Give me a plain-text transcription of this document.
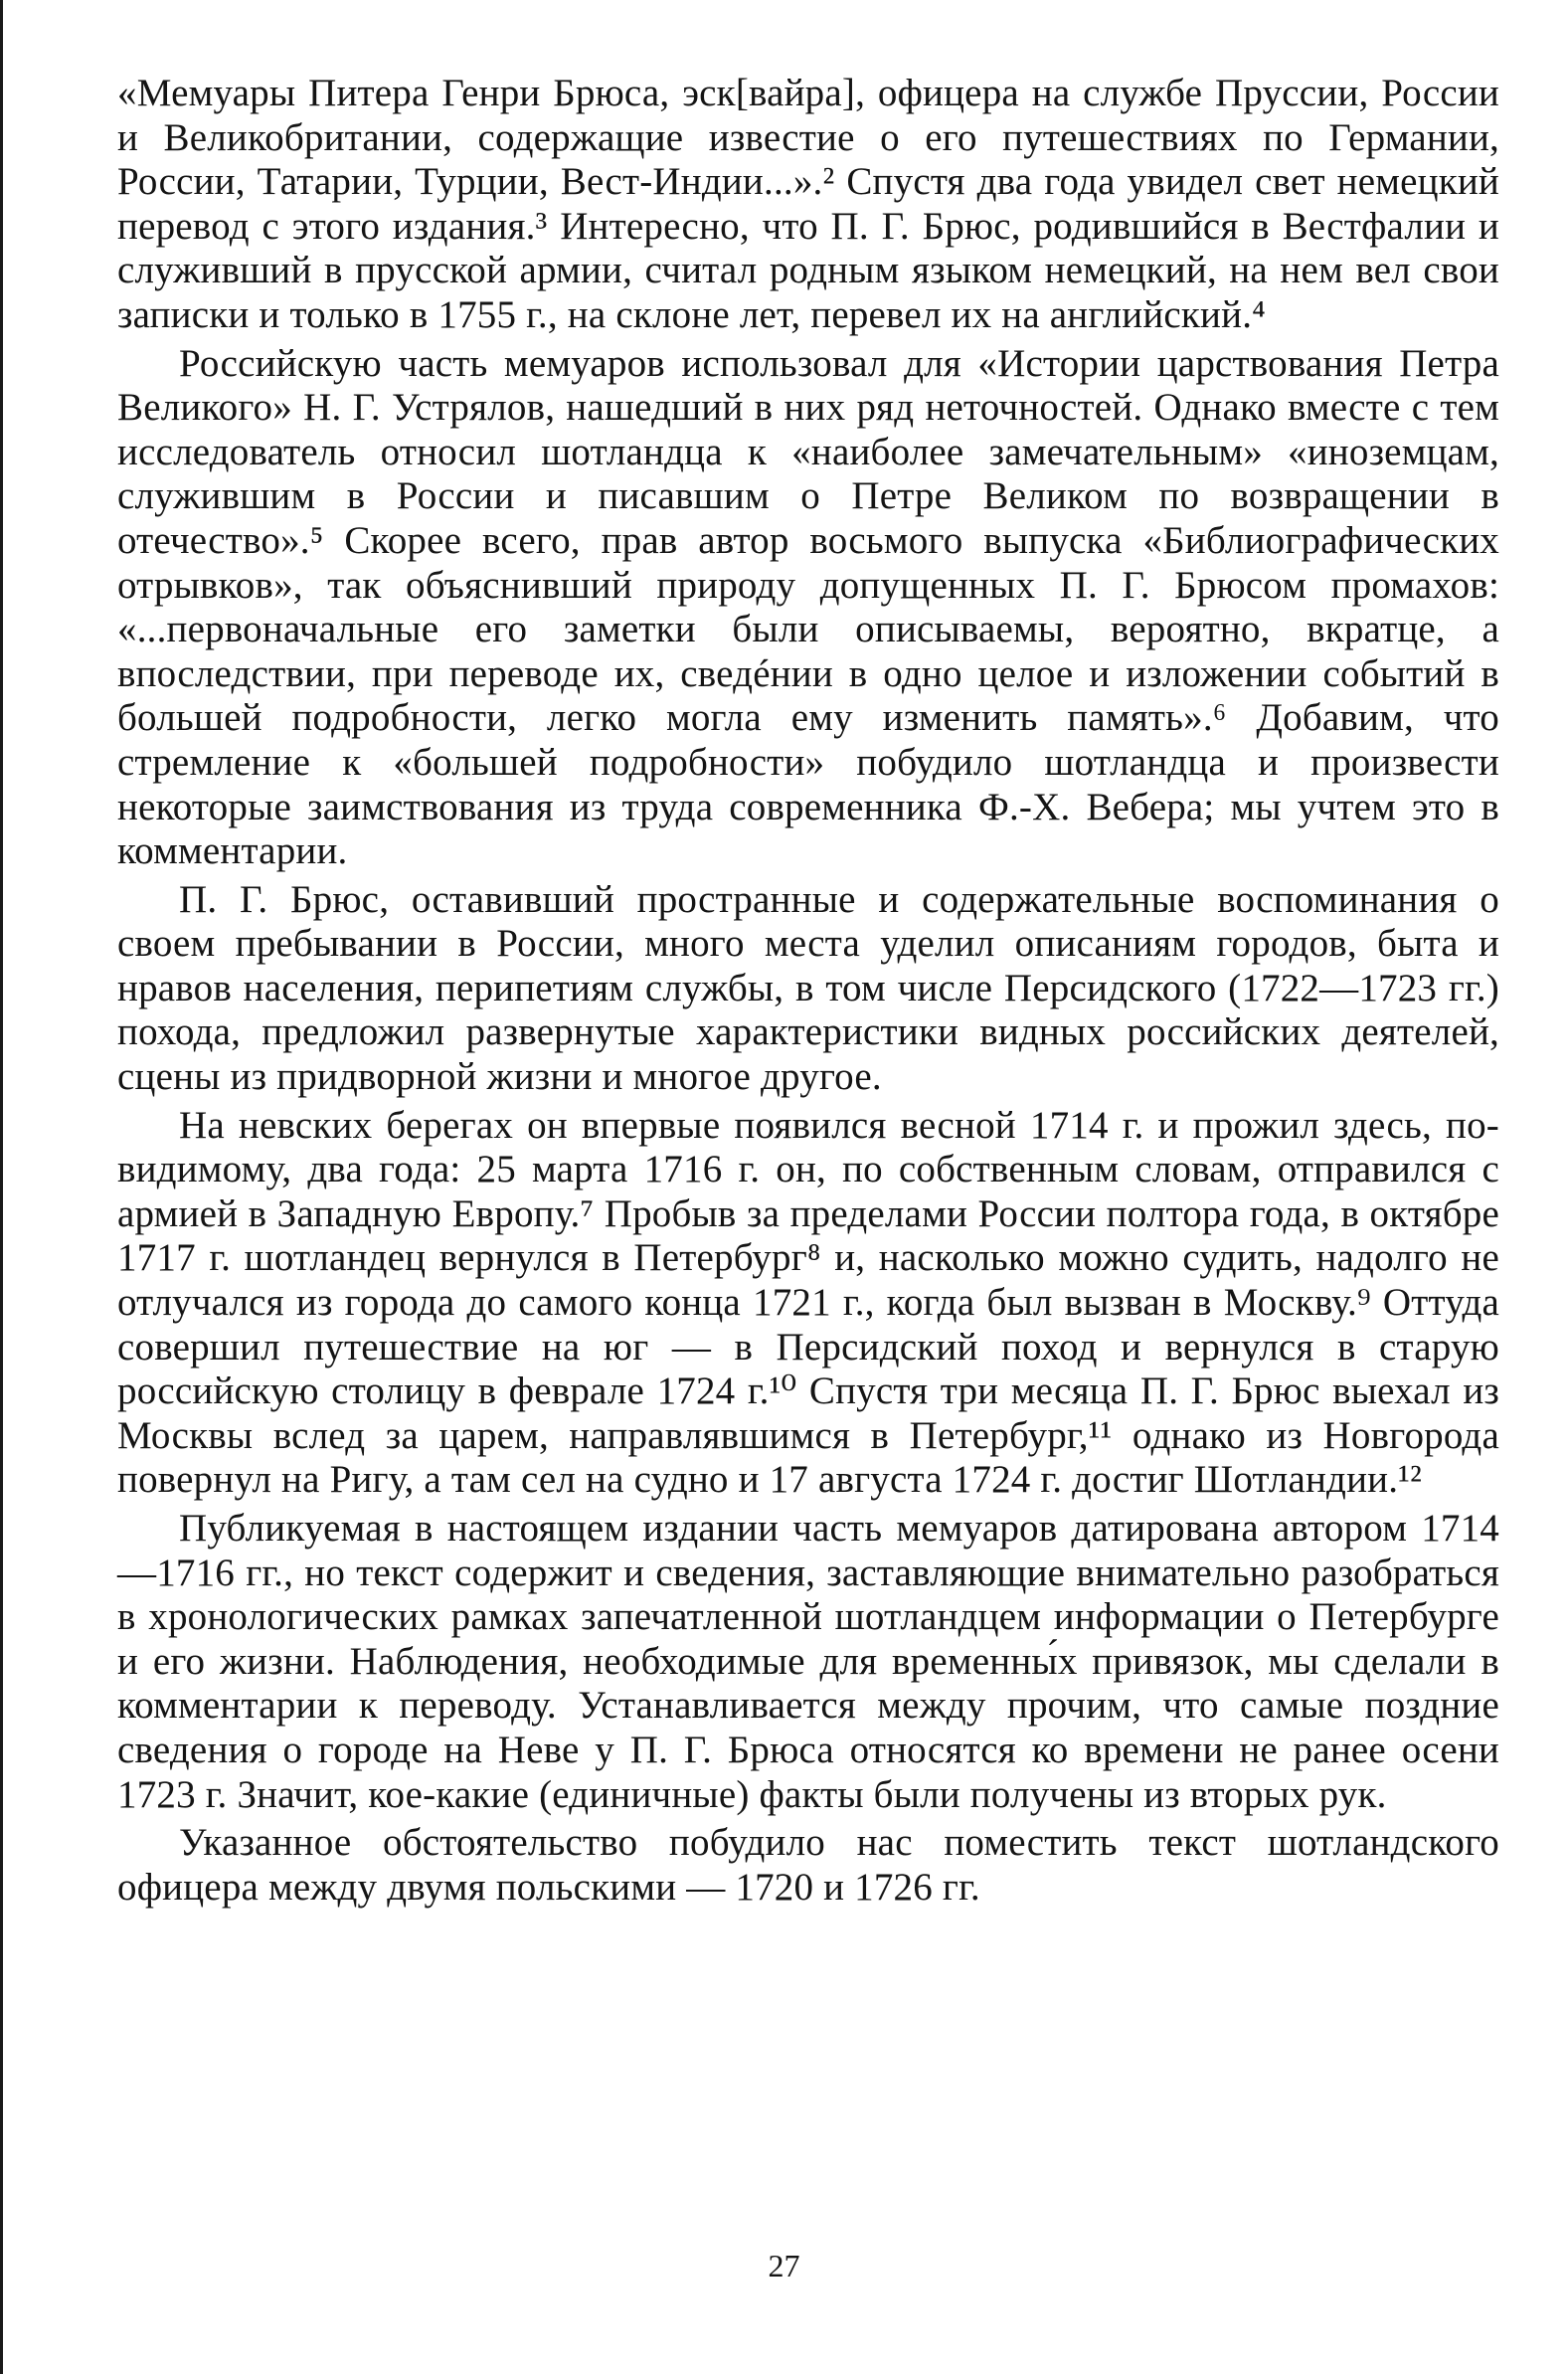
«Мемуары Питера Генри Брюса, эск[вайра], офицера на службе Пруссии, России и Великобритании, содержащие известие о его путешествиях по Германии, России, Татарии, Турции, Вест-Индии...».² Спустя два года увидел свет немецкий перевод с этого издания.³ Интересно, что П. Г. Брюс, родившийся в Вестфалии и служивший в прусской армии, считал родным языком немецкий, на нем вел свои записки и только в 1755 г., на склоне лет, перевел их на английский.⁴

Российскую часть мемуаров использовал для «Истории царствования Петра Великого» Н. Г. Устрялов, нашедший в них ряд неточностей. Однако вместе с тем исследователь относил шотландца к «наиболее замечательным» «иноземцам, служившим в России и писавшим о Петре Великом по возвращении в отечество».⁵ Скорее всего, прав автор восьмого выпуска «Библиографических отрывков», так объяснивший природу допущенных П. Г. Брюсом промахов: «...первоначальные его заметки были описываемы, вероятно, вкратце, а впоследствии, при переводе их, сведéнии в одно целое и изложении событий в большей подробности, легко могла ему изменить память».⁶ Добавим, что стремление к «большей подробности» побудило шотландца и произвести некоторые заимствования из труда современника Ф.-Х. Вебера; мы учтем это в комментарии.

П. Г. Брюс, оставивший пространные и содержательные воспоминания о своем пребывании в России, много места уделил описаниям городов, быта и нравов населения, перипетиям службы, в том числе Персидского (1722—1723 гг.) похода, предложил развернутые характеристики видных российских деятелей, сцены из придворной жизни и многое другое.

На невских берегах он впервые появился весной 1714 г. и прожил здесь, по-видимому, два года: 25 марта 1716 г. он, по собственным словам, отправился с армией в Западную Европу.⁷ Пробыв за пределами России полтора года, в октябре 1717 г. шотландец вернулся в Петербург⁸ и, насколько можно судить, надолго не отлучался из города до самого конца 1721 г., когда был вызван в Москву.⁹ Оттуда совершил путешествие на юг — в Персидский поход и вернулся в старую российскую столицу в феврале 1724 г.¹⁰ Спустя три месяца П. Г. Брюс выехал из Москвы вслед за царем, направлявшимся в Петербург,¹¹ однако из Новгорода повернул на Ригу, а там сел на судно и 17 августа 1724 г. достиг Шотландии.¹²

Публикуемая в настоящем издании часть мемуаров датирована автором 1714—1716 гг., но текст содержит и сведения, заставляющие внимательно разобраться в хронологических рамках запечатленной шотландцем информации о Петербурге и его жизни. Наблюдения, необходимые для временны́х привязок, мы сделали в комментарии к переводу. Устанавливается между прочим, что самые поздние сведения о городе на Неве у П. Г. Брюса относятся ко времени не ранее осени 1723 г. Значит, кое-какие (единичные) факты были получены из вторых рук.

Указанное обстоятельство побудило нас поместить текст шотландского офицера между двумя польскими — 1720 и 1726 гг.

27
